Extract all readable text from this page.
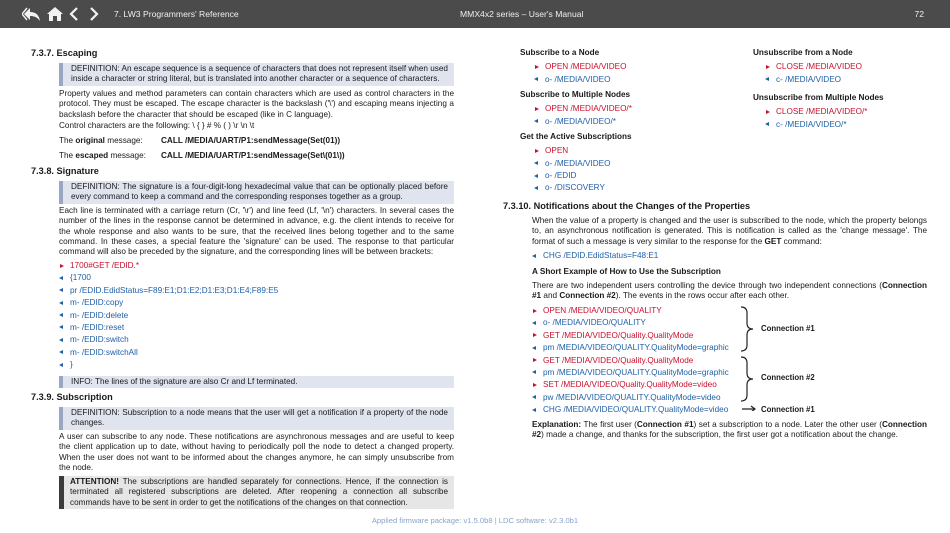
7. LW3 Programmers' Reference	MMX4x2 series – User's Manual	72
7.3.7. Escaping
DEFINITION: An escape sequence is a sequence of characters that does not represent itself when used inside a character or string literal, but is translated into another character or a sequence of characters.

Property values and method parameters can contain characters which are used as control characters in the protocol. They must be escaped. The escape character is the backslash ('\') and escaping means injecting a backslash before the character that should be escaped (like in C language).

Control characters are the following: \ { } # % ( ) \r \n \t

The original message:	CALL /MEDIA/UART/P1:sendMessage(Set(01))
The escaped message:	CALL /MEDIA/UART/P1:sendMessage(Set\(01\))
7.3.8. Signature
DEFINITION: The signature is a four-digit-long hexadecimal value that can be optionally placed before every command to keep a command and the corresponding responses together as a group.

Each line is terminated with a carriage return (Cr, '\r') and line feed (Lf, '\n') characters. In several cases the number of the lines in the response cannot be determined in advance, e.g. the client intends to receive for the whole response and also wants to be sure, that the received lines belong together and to the same command. In these cases, a special feature the 'signature' can be used. The response to that particular command will also be preceded by the signature, and the corresponding lines will be between brackets:

1700#GET /EDID.*
{1700
pr /EDID.EdidStatus=F89:E1;D1:E2;D1:E3;D1:E4;F89:E5
m- /EDID:copy
m- /EDID:delete
m- /EDID:reset
m- /EDID:switch
m- /EDID:switchAll
}
INFO: The lines of the signature are also Cr and Lf terminated.
7.3.9. Subscription
DEFINITION: Subscription to a node means that the user will get a notification if a property of the node changes.

A user can subscribe to any node. These notifications are asynchronous messages and are useful to keep the client application up to date, without having to periodically poll the node to detect a changed property. When the user does not want to be informed about the changes anymore, he can simply unsubscribe from the node.

ATTENTION! The subscriptions are handled separately for connections. Hence, if the connection is terminated all registered subscriptions are deleted. After reopening a connection all subscribe commands have to be sent in order to get the notifications of the changes on that connection.
Subscribe to a Node
OPEN /MEDIA/VIDEO
o- /MEDIA/VIDEO
Subscribe to Multiple Nodes
OPEN /MEDIA/VIDEO/*
o- /MEDIA/VIDEO/*
Get the Active Subscriptions
OPEN
o- /MEDIA/VIDEO
o- /EDID
o- /DISCOVERY
Unsubscribe from a Node
CLOSE /MEDIA/VIDEO
c- /MEDIA/VIDEO
Unsubscribe from Multiple Nodes
CLOSE /MEDIA/VIDEO/*
c- /MEDIA/VIDEO/*
7.3.10. Notifications about the Changes of the Properties

When the value of a property is changed and the user is subscribed to the node, which the property belongs to, an asynchronous notification is generated. This is notification is called as the 'change message'. The format of such a message is very similar to the response for the GET command:

CHG /EDID.EdidStatus=F48:E1
A Short Example of How to Use the Subscription

There are two independent users controlling the device through two independent connections (Connection #1 and Connection #2). The events in the rows occur after each other.

OPEN /MEDIA/VIDEO/QUALITY
o- /MEDIA/VIDEO/QUALITY
GET /MEDIA/VIDEO/Quality.QualityMode
pm /MEDIA/VIDEO/QUALITY.QualityMode=graphic
GET /MEDIA/VIDEO/Quality.QualityMode
pm /MEDIA/VIDEO/QUALITY.QualityMode=graphic
SET /MEDIA/VIDEO/Quality.QualityMode=video
pw /MEDIA/VIDEO/QUALITY.QualityMode=video
CHG /MEDIA/VIDEO/QUALITY.QualityMode=video
Connection #1
Connection #2
Connection #1

Explanation: The first user (Connection #1) set a subscription to a node. Later the other user (Connection #2) made a change, and thanks for the subscription, the first user got a notification about the change.

Applied firmware package: v1.5.0b8 | LDC software: v2.3.0b1
